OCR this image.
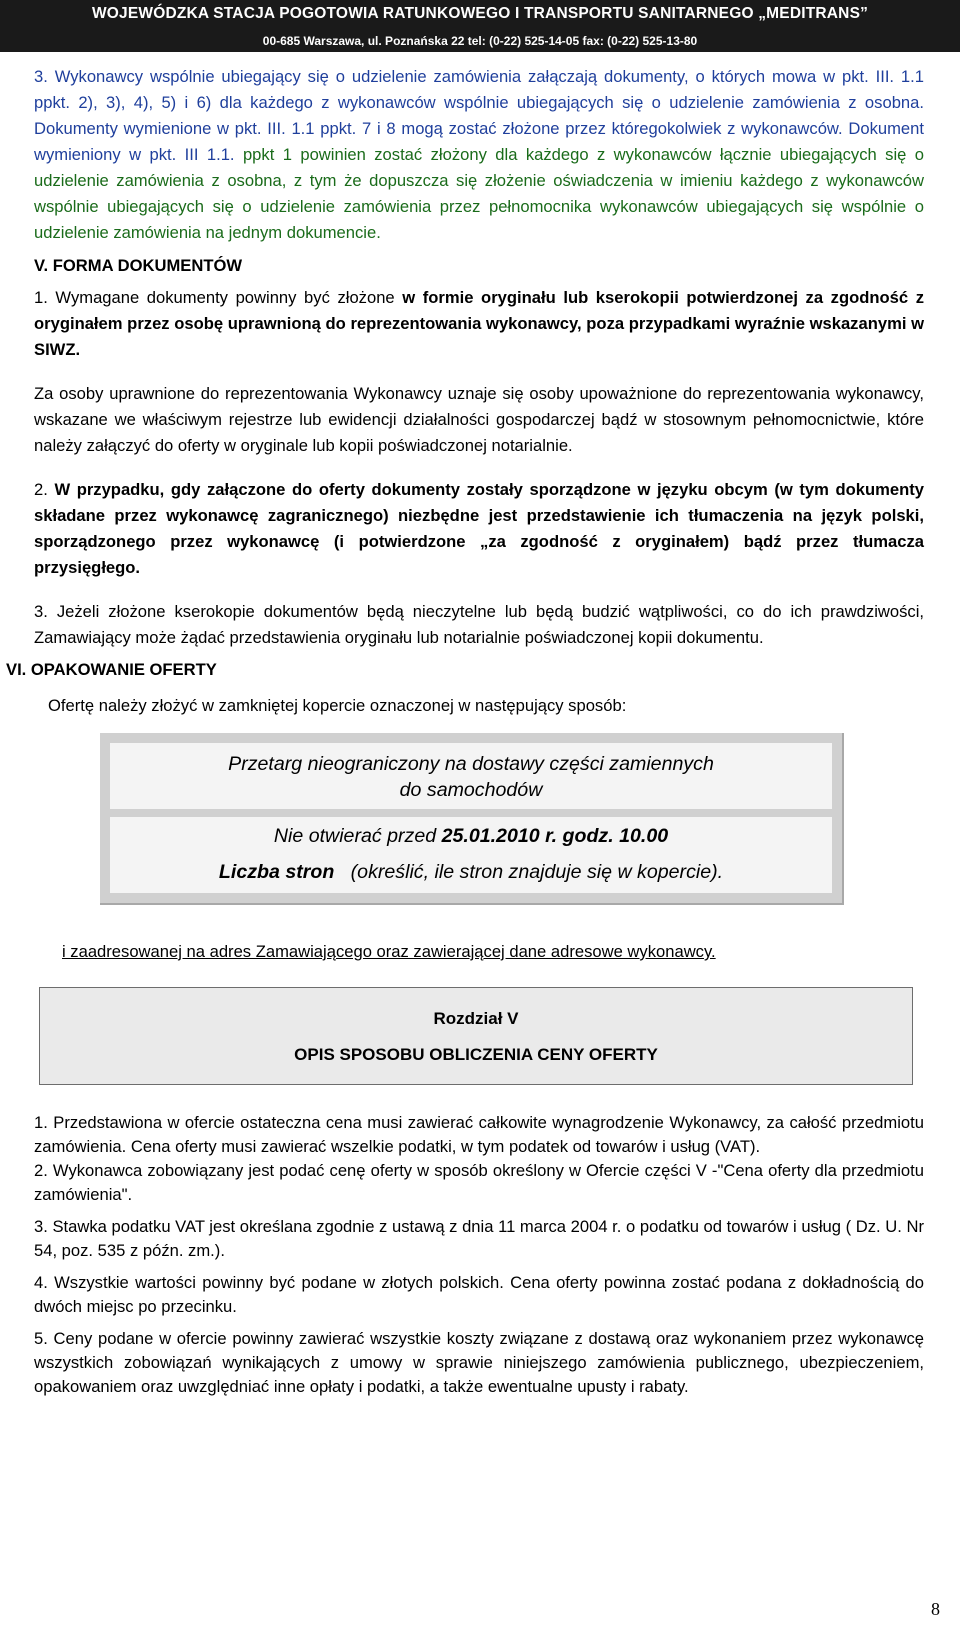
WOJEWÓDZKA STACJA POGOTOWIA RATUNKOWEGO I TRANSPORTU SANITARNEGO „MEDITRANS”
00-685 Warszawa, ul. Poznańska 22 tel: (0-22) 525-14-05 fax: (0-22) 525-13-80

3. Wykonawcy wspólnie ubiegający się o udzielenie zamówienia załączają dokumenty, o których mowa w pkt. III. 1.1 ppkt. 2), 3), 4), 5) i 6) dla każdego z wykonawców wspólnie ubiegających się o udzielenie zamówienia z osobna. Dokumenty wymienione w pkt. III. 1.1 ppkt. 7 i 8 mogą zostać złożone przez któregokolwiek z wykonawców. Dokument wymieniony w pkt. III 1.1. ppkt 1 powinien zostać złożony dla każdego z wykonawców łącznie ubiegających się o udzielenie zamówienia z osobna, z tym że dopuszcza się złożenie oświadczenia w imieniu każdego z wykonawców wspólnie ubiegających się o udzielenie zamówienia przez pełnomocnika wykonawców ubiegających się wspólnie o udzielenie zamówienia na jednym dokumencie.

V. FORMA DOKUMENTÓW

1. Wymagane dokumenty powinny być złożone w formie oryginału lub kserokopii potwierdzonej za zgodność z oryginałem przez osobę uprawnioną do reprezentowania wykonawcy, poza przypadkami wyraźnie wskazanymi w SIWZ.

Za osoby uprawnione do reprezentowania Wykonawcy uznaje się osoby upoważnione do reprezentowania wykonawcy, wskazane we właściwym rejestrze lub ewidencji działalności gospodarczej bądź w stosownym pełnomocnictwie, które należy załączyć do oferty w oryginale lub kopii poświadczonej notarialnie.

2. W przypadku, gdy załączone do oferty dokumenty zostały sporządzone w języku obcym (w tym dokumenty składane przez wykonawcę zagranicznego) niezbędne jest przedstawienie ich tłumaczenia na język polski, sporządzonego przez wykonawcę (i potwierdzone „za zgodność z oryginałem) bądź przez tłumacza przysięgłego.

3. Jeżeli złożone kserokopie dokumentów będą nieczytelne lub będą budzić wątpliwości, co do ich prawdziwości, Zamawiający może żądać przedstawienia oryginału lub notarialnie poświadczonej kopii dokumentu.

VI. OPAKOWANIE OFERTY

Ofertę należy złożyć w zamkniętej kopercie oznaczonej w następujący sposób:

Przetarg nieograniczony na dostawy części zamiennych
do samochodów
Nie otwierać przed 25.01.2010 r. godz. 10.00
Liczba stron (określić, ile stron znajduje się w kopercie).

i zaadresowanej na adres Zamawiającego oraz zawierającej dane adresowe wykonawcy.

Rozdział V
OPIS SPOSOBU OBLICZENIA CENY OFERTY

1. Przedstawiona w ofercie ostateczna cena musi zawierać całkowite wynagrodzenie Wykonawcy, za całość przedmiotu zamówienia. Cena oferty musi zawierać wszelkie podatki, w tym podatek od towarów i usług (VAT).

2. Wykonawca zobowiązany jest podać cenę oferty w sposób określony w Ofercie części V -"Cena oferty dla przedmiotu zamówienia".

3. Stawka podatku VAT jest określana zgodnie z ustawą z dnia 11 marca 2004 r. o podatku od towarów i usług ( Dz. U. Nr 54, poz. 535 z późn. zm.).

4. Wszystkie wartości powinny być podane w złotych polskich. Cena oferty powinna zostać podana z dokładnością do dwóch miejsc po przecinku.

5. Ceny podane w ofercie powinny zawierać wszystkie koszty związane z dostawą oraz wykonaniem przez wykonawcę wszystkich zobowiązań wynikających z umowy w sprawie niniejszego zamówienia publicznego, ubezpieczeniem, opakowaniem oraz uwzględniać inne opłaty i podatki, a także ewentualne upusty i rabaty.

8
